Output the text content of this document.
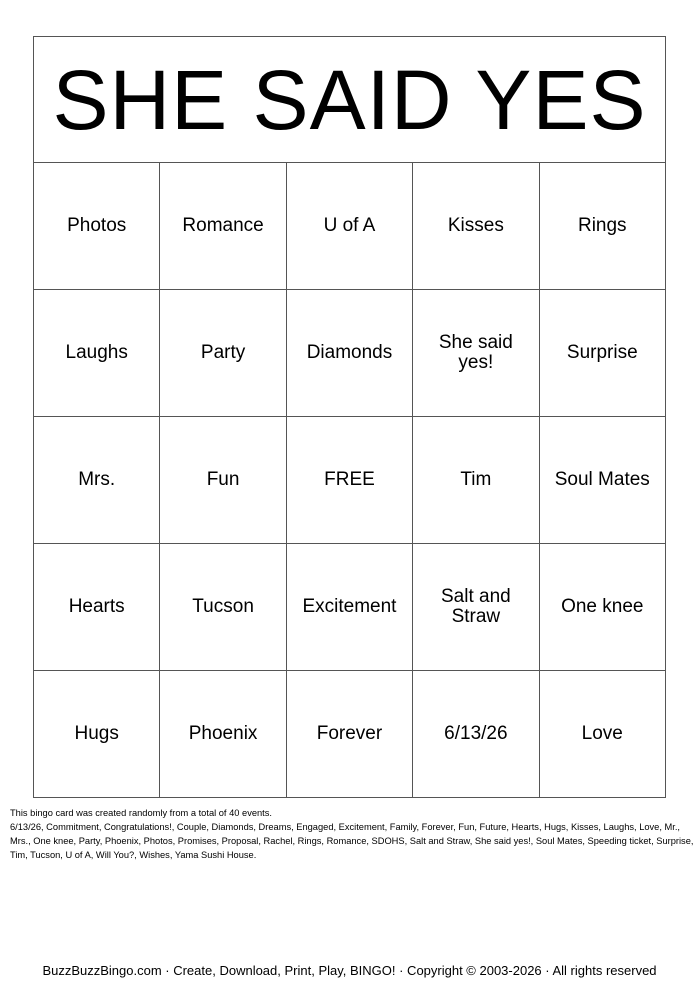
SHE SAID YES				
Photos	Romance	U of A	Kisses	Rings
Laughs	Party	Diamonds	She said yes!	Surprise
Mrs.	Fun	FREE	Tim	Soul Mates
Hearts	Tucson	Excitement	Salt and Straw	One knee
Hugs	Phoenix	Forever	6/13/26	Love

This bingo card was created randomly from a total of 40 events.

6/13/26, Commitment, Congratulations!, Couple, Diamonds, Dreams, Engaged, Excitement, Family, Forever, Fun, Future, Hearts, Hugs, Kisses, Laughs, Love, Mr., Mrs., One knee, Party, Phoenix, Photos, Promises, Proposal, Rachel, Rings, Romance, SDOHS, Salt and Straw, She said yes!, Soul Mates, Speeding ticket, Surprise, Tim, Tucson, U of A, Will You?, Wishes, Yama Sushi House.

BuzzBuzzBingo.com · Create, Download, Print, Play, BINGO! · Copyright © 2003-2026 · All rights reserved
